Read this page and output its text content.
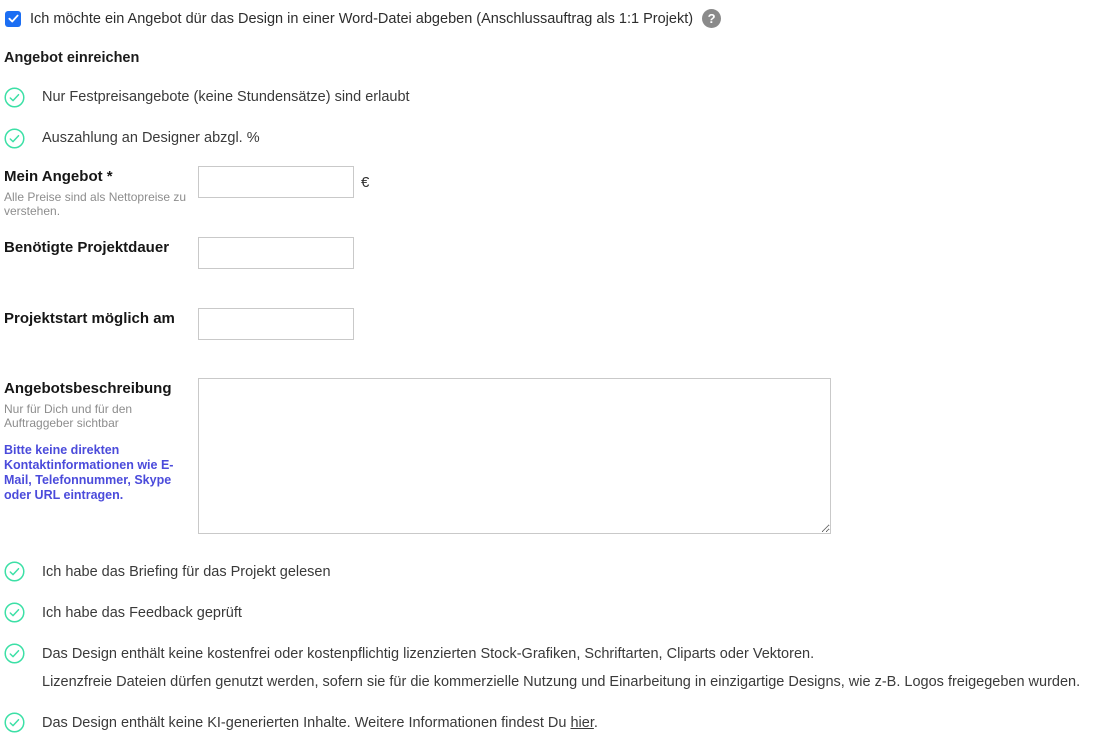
Ich möchte ein Angebot dür das Design in einer Word-Datei abgeben (Anschlussauftrag als 1:1 Projekt)	?
Angebot einreichen
Nur Festpreisangebote (keine Stundensätze) sind erlaubt
Auszahlung an Designer abzgl. %
Mein Angebot *
Alle Preise sind als Nettopreise zu verstehen.
€
Benötigte Projektdauer
Projektstart möglich am
Angebotsbeschreibung
Nur für Dich und für den Auftraggeber sichtbar
Bitte keine direkten Kontaktinformationen wie E-Mail, Telefonnummer, Skype oder URL eintragen.
Ich habe das Briefing für das Projekt gelesen
Ich habe das Feedback geprüft
Das Design enthält keine kostenfrei oder kostenpflichtig lizenzierten Stock-Grafiken, Schriftarten, Cliparts oder Vektoren.
Lizenzfreie Dateien dürfen genutzt werden, sofern sie für die kommerzielle Nutzung und Einarbeitung in einzigartige Designs, wie z-B. Logos freigegeben wurden.
Das Design enthält keine KI-generierten Inhalte. Weitere Informationen findest Du hier.
